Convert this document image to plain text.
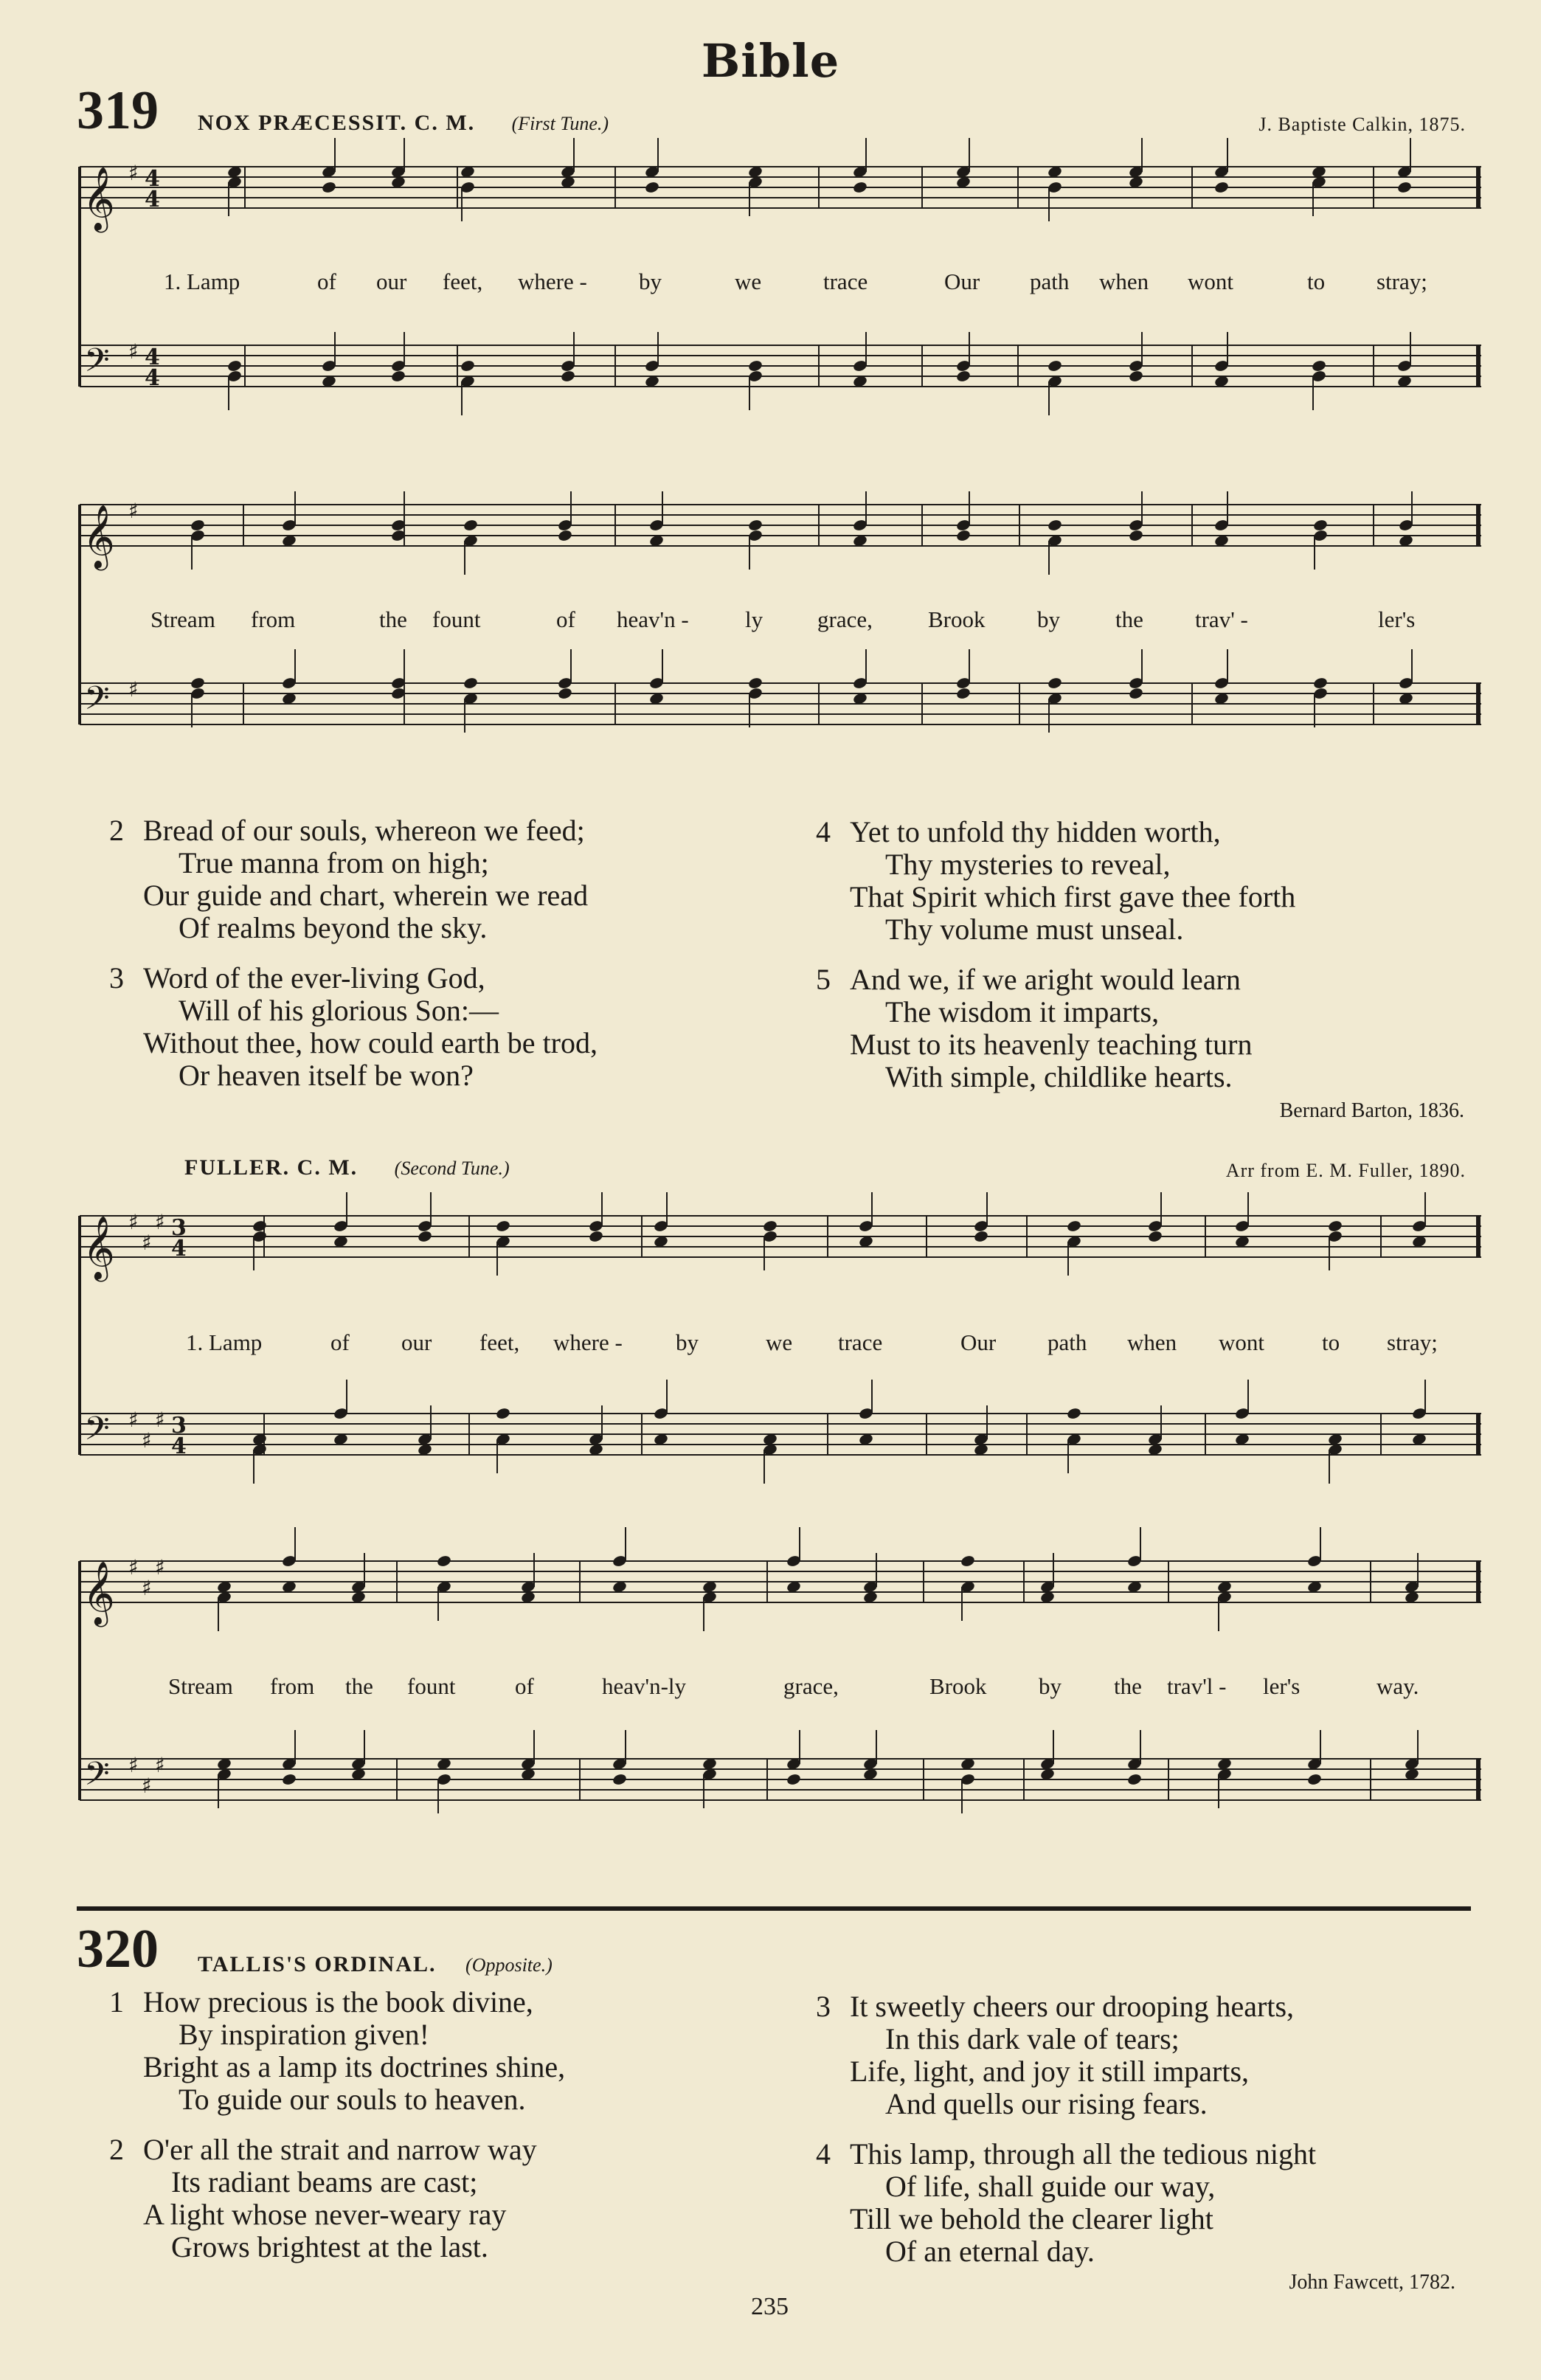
Bible
319 NOX PRÆCESSIT. C. M. (First Tune.)	J. Baptiste Calkin, 1875.
𝄞 ♯ 4
4
𝄢 ♯ 4
4
𝄞 ♯
𝄢 ♯
𝄞 ♯
♯
♯ 3
4
𝄢 ♯
♯
♯ 3
4
𝄞 ♯
♯
♯
𝄢 ♯
♯
♯
1. Lamp	of our feet, where - by	we	trace	Our path when wont	to stray;
Stream from	the fount	of heav'n - ly grace, Brook by the trav' -	ler's
2 Bread of our souls, whereon we feed;
True manna from on high;
Our guide and chart, wherein we read
Of realms beyond the sky.
3 Word of the ever-living God,
Will of his glorious Son:—
Without thee, how could earth be trod,
Or heaven itself be won?
4 Yet to unfold thy hidden worth,
Thy mysteries to reveal,
That Spirit which first gave thee forth
Thy volume must unseal.
5 And we, if we aright would learn
The wisdom it imparts,
Must to its heavenly teaching turn
With simple, childlike hearts.
Bernard Barton, 1836.
FULLER. C. M. (Second Tune.)	Arr from E. M. Fuller, 1890.
1. Lamp	of our feet, where - by	we trace	Our path when wont	to stray;
Stream from the fount	of	heav'n-ly	grace,	Brook by the trav'l - ler's	way.
320 TALLIS'S ORDINAL. (Opposite.)
1 How precious is the book divine,
By inspiration given!
Bright as a lamp its doctrines shine,
To guide our souls to heaven.
2 O'er all the strait and narrow way
Its radiant beams are cast;
A light whose never-weary ray
Grows brightest at the last.
3 It sweetly cheers our drooping hearts,
In this dark vale of tears;
Life, light, and joy it still imparts,
And quells our rising fears.
4 This lamp, through all the tedious night
Of life, shall guide our way,
Till we behold the clearer light
Of an eternal day.
John Fawcett, 1782.
235
